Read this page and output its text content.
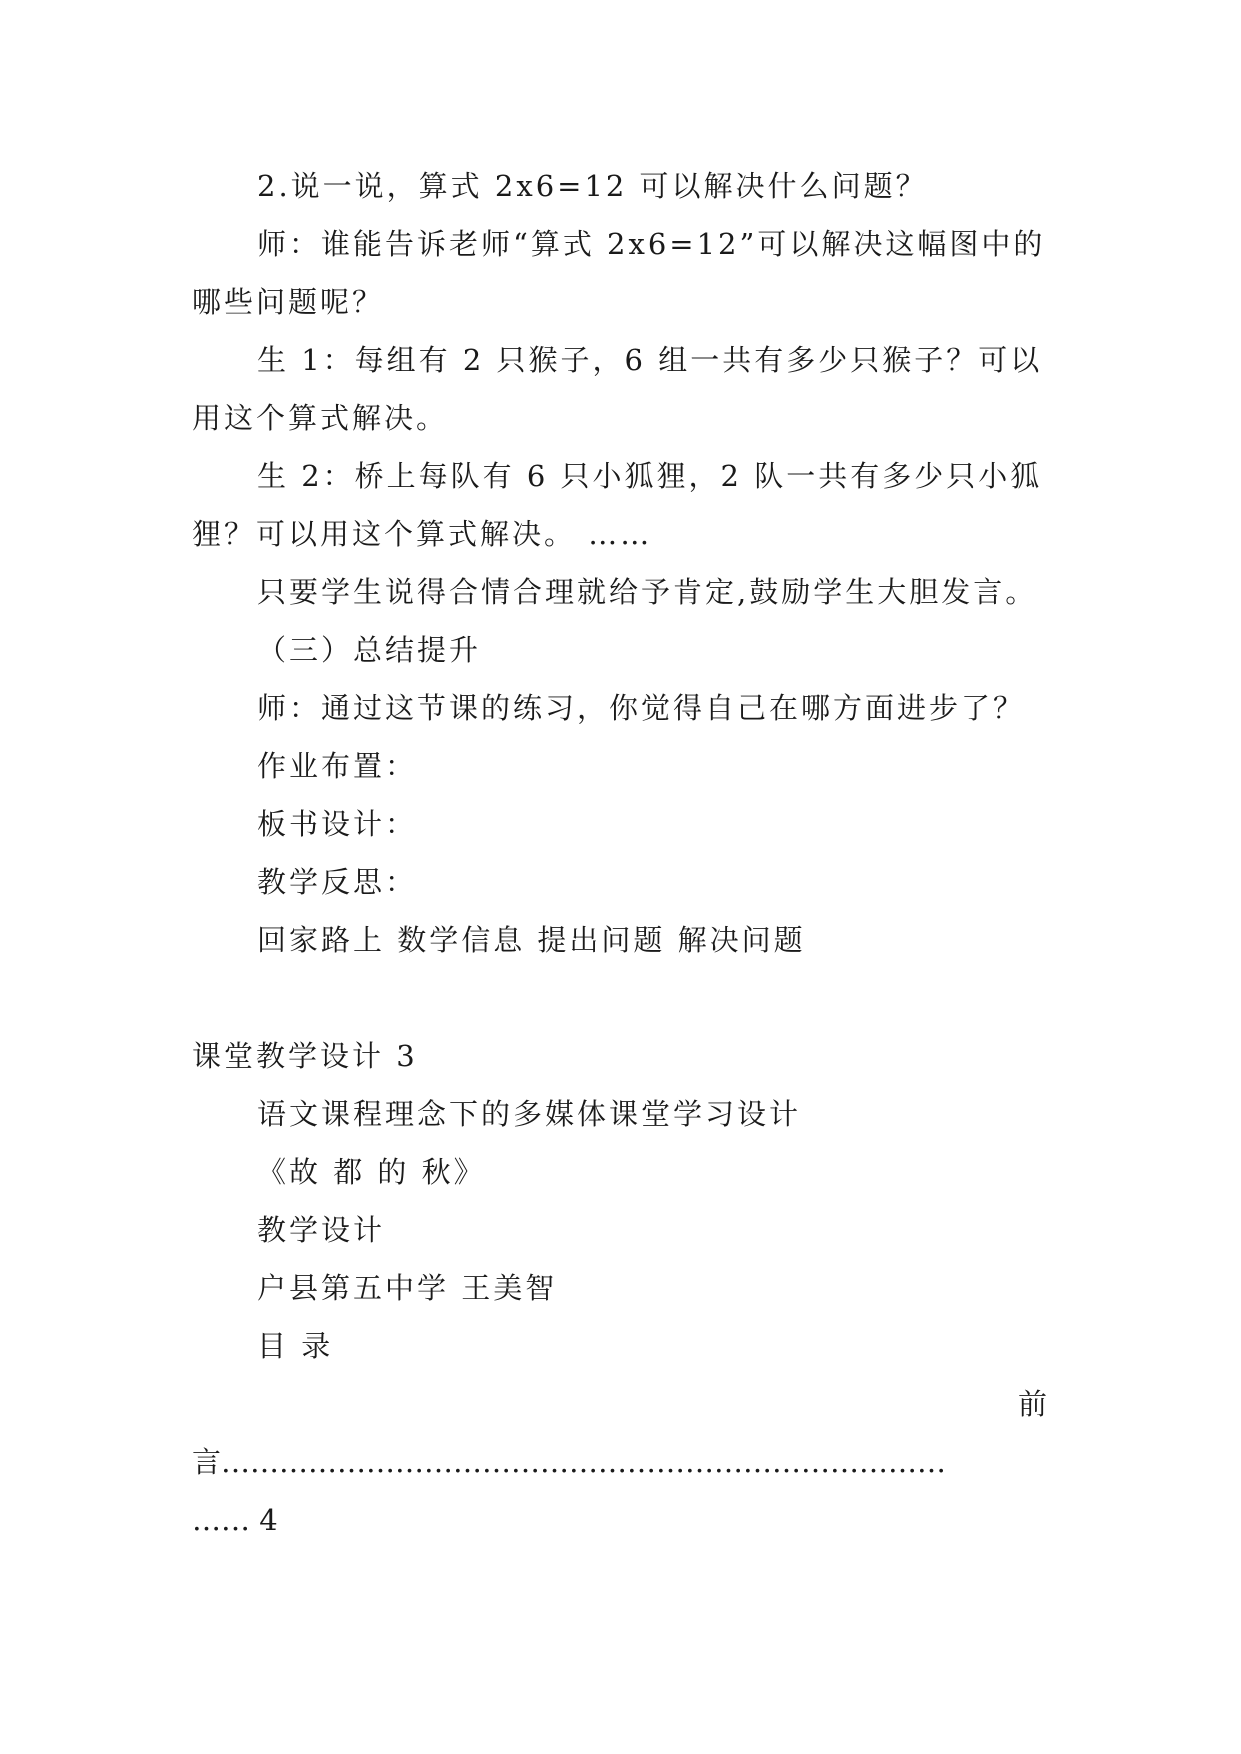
2.说一说，算式 2x6=12 可以解决什么问题？
师：谁能告诉老师“算式 2x6=12”可以解决这幅图中的
哪些问题呢？
生 1：每组有 2 只猴子，6 组一共有多少只猴子？可以
用这个算式解决。
生 2：桥上每队有 6 只小狐狸，2 队一共有多少只小狐
狸？可以用这个算式解决。 ……
只要学生说得合情合理就给予肯定,鼓励学生大胆发言。
（三）总结提升
师：通过这节课的练习，你觉得自己在哪方面进步了？
作业布置：
板书设计：
教学反思：
回家路上 数学信息 提出问题 解决问题
课堂教学设计 3
语文课程理念下的多媒体课堂学习设计
《故 都 的 秋》
教学设计
户县第五中学 王美智
目 录
前
言…………………………………………………………………
…… 4
